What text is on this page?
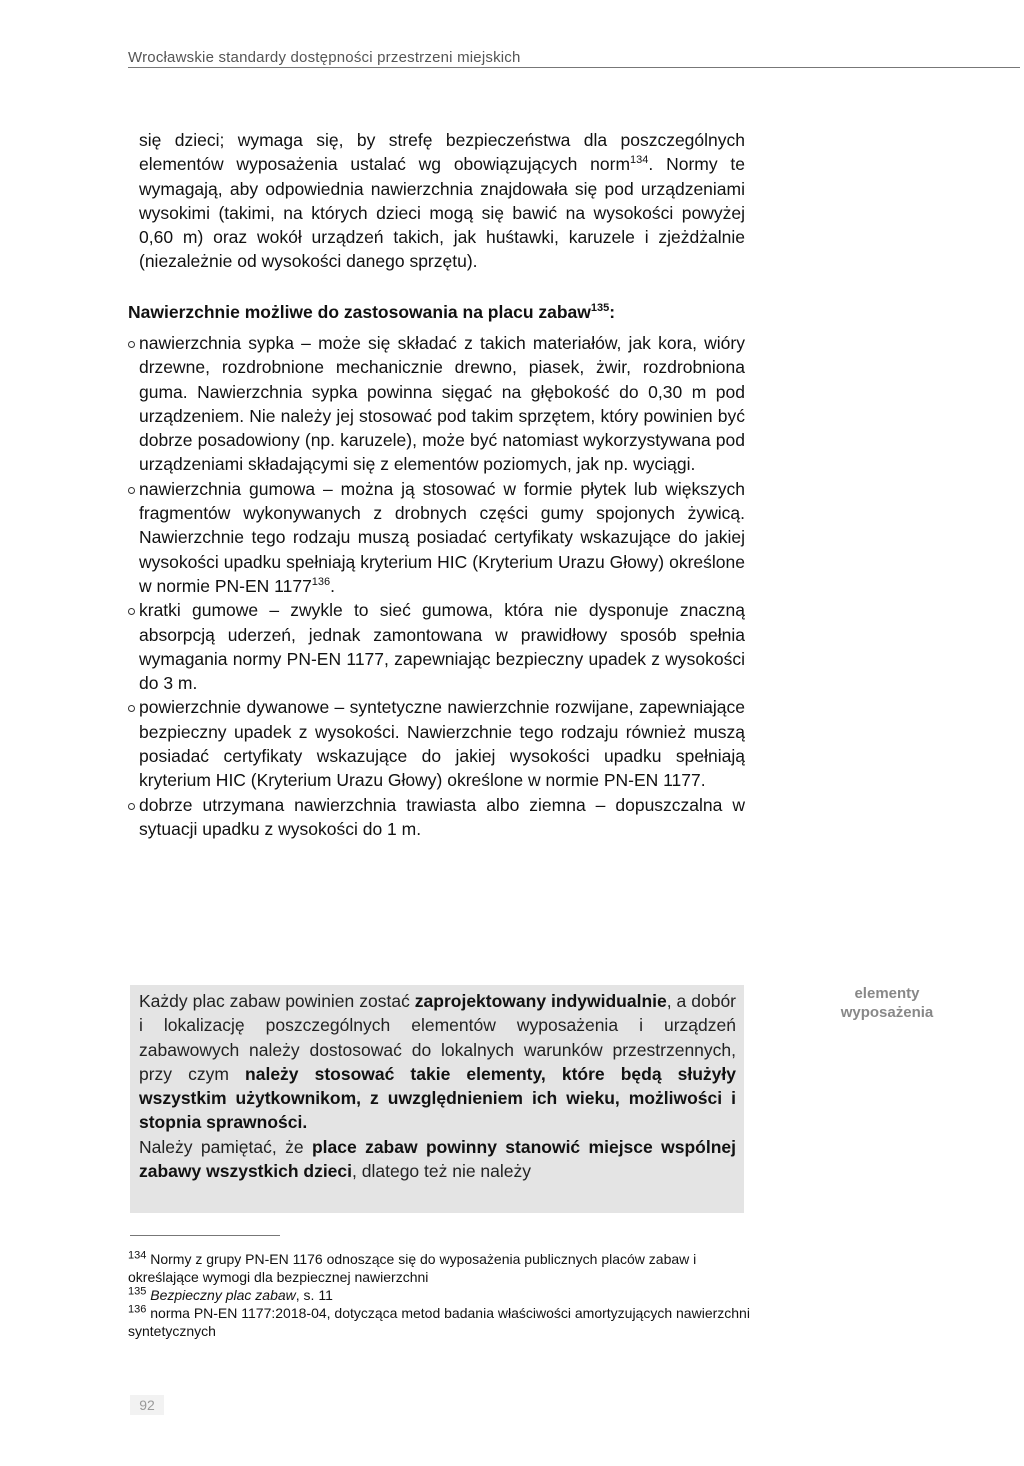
Wrocławskie standardy dostępności przestrzeni miejskich

się dzieci; wymaga się, by strefę bezpieczeństwa dla poszczególnych elementów wyposażenia ustalać wg obowiązujących norm$^{134}$. Normy te wymagają, aby odpowiednia nawierzchnia znajdowała się pod urządzeniami wysokimi (takimi, na których dzieci mogą się bawić na wysokości powyżej 0,60 m) oraz wokół urządzeń takich, jak huśtawki, karuzele i zjeżdżalnie (niezależnie od wysokości danego sprzętu).

Nawierzchnie możliwe do zastosowania na placu zabaw$^{135}$:
nawierzchnia sypka – może się składać z takich materiałów, jak kora, wióry drzewne, rozdrobnione mechanicznie drewno, piasek, żwir, rozdrobniona guma. Nawierzchnia sypka powinna sięgać na głębokość do 0,30 m pod urządzeniem. Nie należy jej stosować pod takim sprzętem, który powinien być dobrze posadowiony (np. karuzele), może być natomiast wykorzystywana pod urządzeniami składającymi się z elementów poziomych, jak np. wyciągi.
nawierzchnia gumowa – można ją stosować w formie płytek lub większych fragmentów wykonywanych z drobnych części gumy spojonych żywicą. Nawierzchnie tego rodzaju muszą posiadać certyfikaty wskazujące do jakiej wysokości upadku spełniają kryterium HIC (Kryterium Urazu Głowy) określone w normie PN-EN 1177$^{136}$.
kratki gumowe – zwykle to sieć gumowa, która nie dysponuje znaczną absorpcją uderzeń, jednak zamontowana w prawidłowy sposób spełnia wymagania normy PN-EN 1177, zapewniając bezpieczny upadek z wysokości do 3 m.
powierzchnie dywanowe – syntetyczne nawierzchnie rozwijane, zapewniające bezpieczny upadek z wysokości. Nawierzchnie tego rodzaju również muszą posiadać certyfikaty wskazujące do jakiej wysokości upadku spełniają kryterium HIC (Kryterium Urazu Głowy) określone w normie PN-EN 1177.
dobrze utrzymana nawierzchnia trawiasta albo ziemna – dopuszczalna w sytuacji upadku z wysokości do 1 m.

Każdy plac zabaw powinien zostać zaprojektowany indywidualnie, a dobór i lokalizację poszczególnych elementów wyposażenia i urządzeń zabawowych należy dostosować do lokalnych warunków przestrzennych, przy czym należy stosować takie elementy, które będą służyły wszystkim użytkownikom, z uwzględnieniem ich wieku, możliwości i stopnia sprawności.

Należy pamiętać, że place zabaw powinny stanowić miejsce wspólnej zabawy wszystkich dzieci, dlatego też nie należy

elementy
wyposażenia

$^{134}$ Normy z grupy PN-EN 1176 odnoszące się do wyposażenia publicznych placów zabaw i określające wymogi dla bezpiecznej nawierzchni

$^{135}$ Bezpieczny plac zabaw, s. 11

$^{136}$ norma PN-EN 1177:2018-04, dotycząca metod badania właściwości amortyzujących nawierzchni syntetycznych

92
